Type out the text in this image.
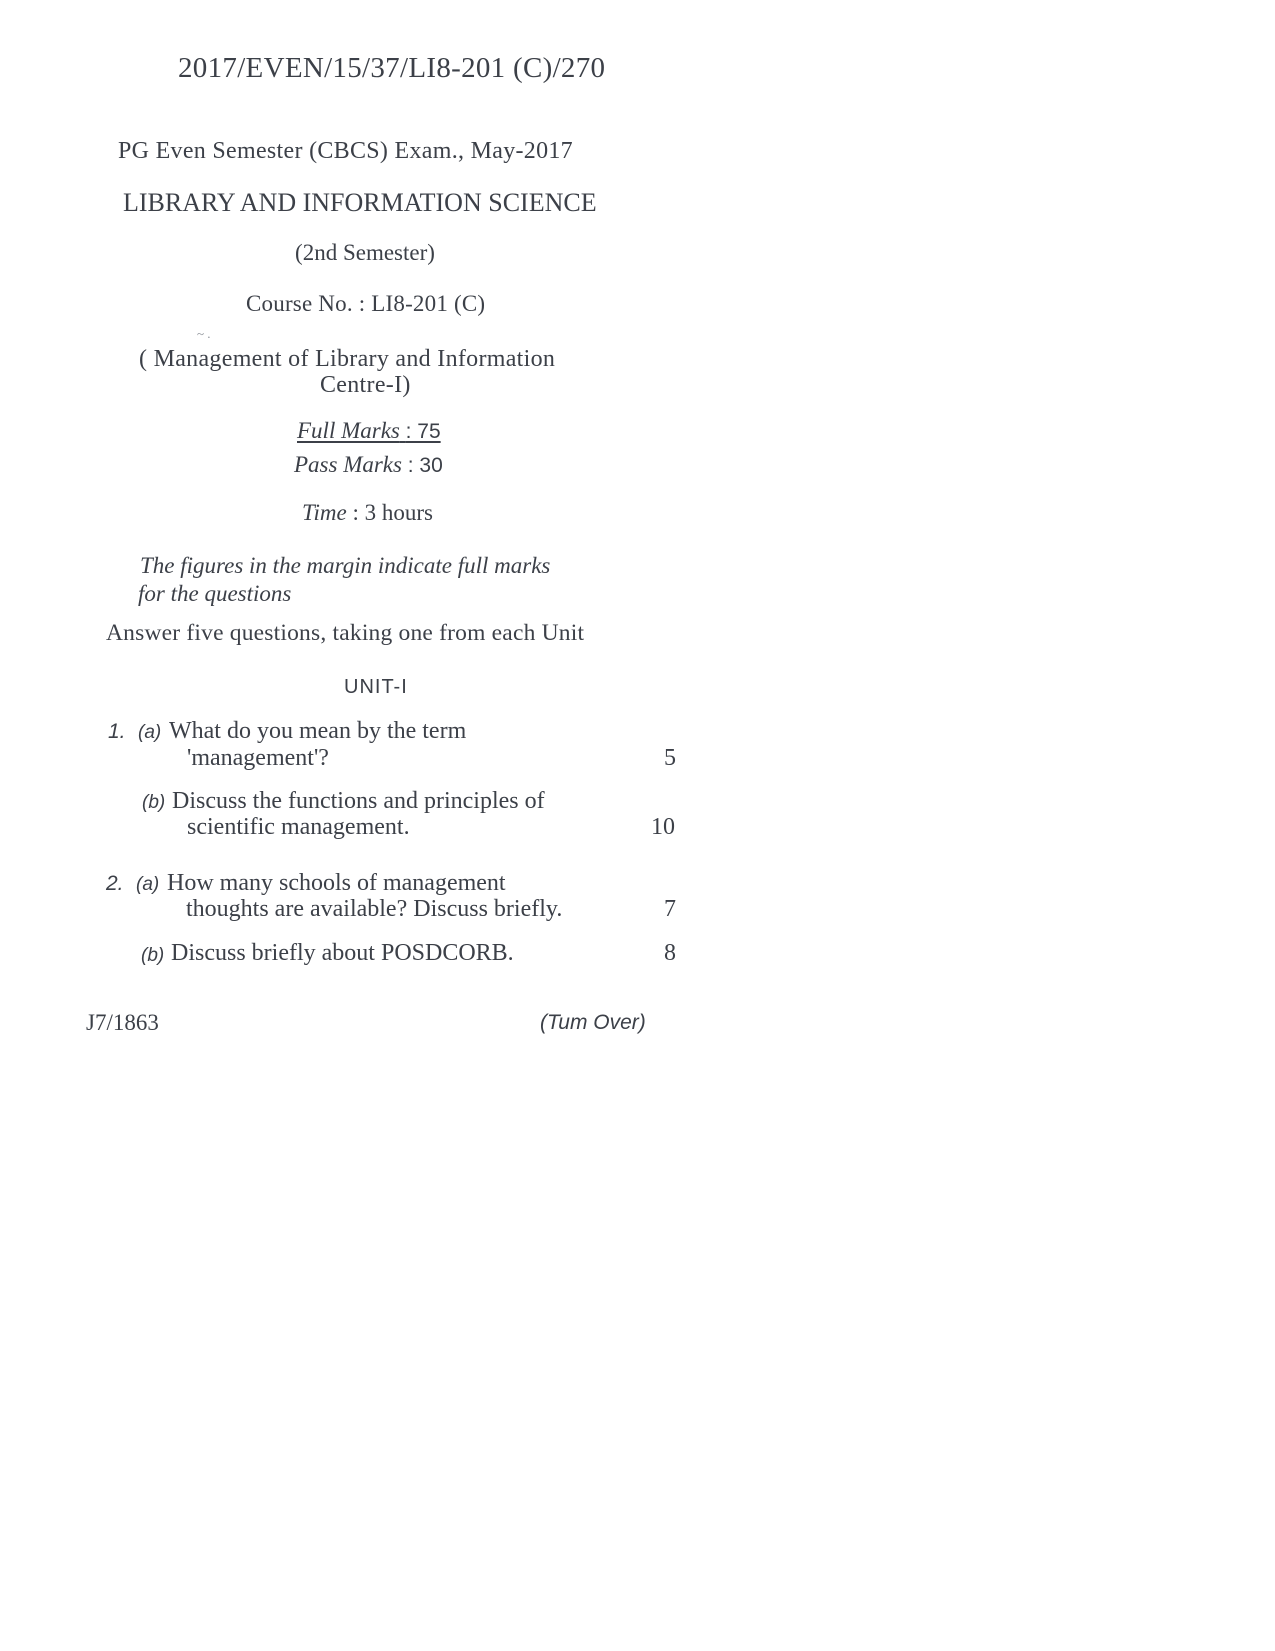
2017/EVEN/15/37/LI8-201 (C)/270
PG Even Semester (CBCS) Exam., May-2017
LIBRARY AND INFORMATION SCIENCE
(2nd Semester)
Course No. : LI8-201 (C)
~ .
( Management of Library and Information
Centre-I)
Full Marks : 75
Pass Marks : 30
Time : 3 hours
The figures in the margin indicate full marks
for the questions
Answer five questions, taking one from each Unit
UNIT-I
1. (a) What do you mean by the term
'management'?	5
(b) Discuss the functions and principles of
scientific management.	10
2. (a) How many schools of management
thoughts are available? Discuss briefly.	7
(b) Discuss briefly about POSDCORB.	8
J7/1863	(Tum Over)
